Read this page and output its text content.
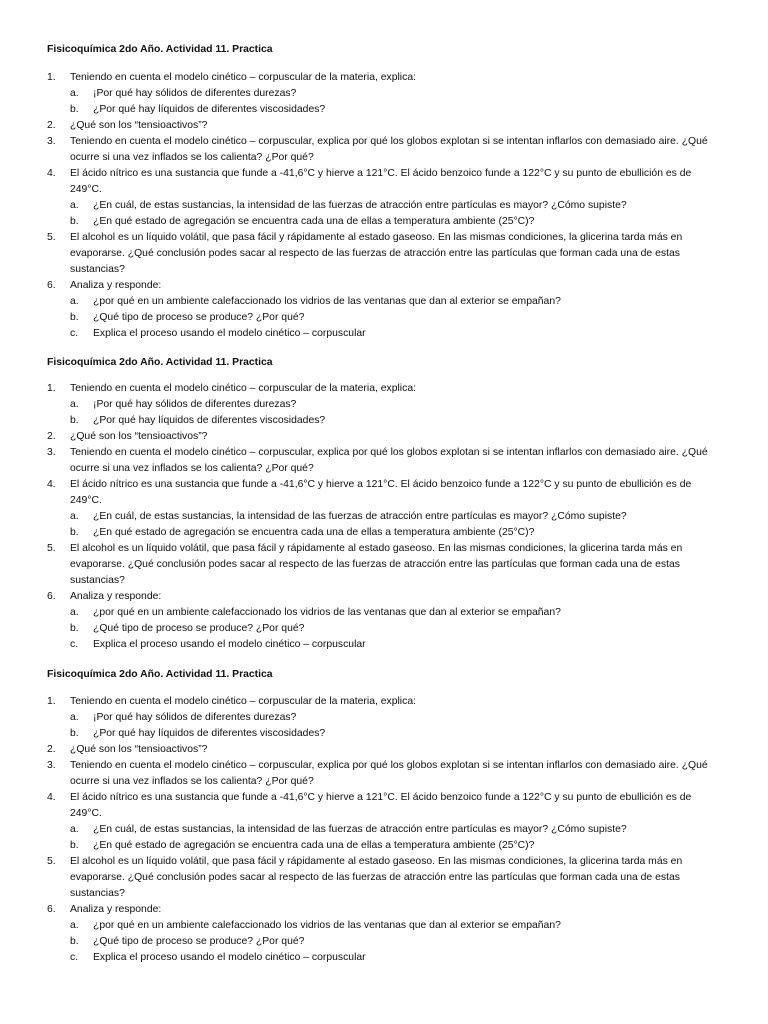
Fisicoquímica 2do Año. Actividad 11. Practica
1. Teniendo en cuenta el modelo cinético – corpuscular de la materia, explica:
a. ¡Por qué hay sólidos de diferentes durezas?
b. ¿Por qué hay líquidos de diferentes viscosidades?
2. ¿Qué son los “tensioactivos”?
3. Teniendo en cuenta el modelo cinético – corpuscular, explica por qué los globos explotan si se intentan inflarlos con demasiado aire. ¿Qué ocurre si una vez inflados se los calienta? ¿Por qué?
4. El ácido nítrico es una sustancia que funde a -41,6°C y hierve a 121°C. El ácido benzoico funde a 122°C y su punto de ebullición es de 249°C.
a. ¿En cuál, de estas sustancias, la intensidad de las fuerzas de atracción entre partículas es mayor? ¿Cómo supiste?
b. ¿En qué estado de agregación se encuentra cada una de ellas a temperatura ambiente (25°C)?
5. El alcohol es un líquido volátil, que pasa fácil y rápidamente al estado gaseoso. En las mismas condiciones, la glicerina tarda más en evaporarse. ¿Qué conclusión podes sacar al respecto de las fuerzas de atracción entre las partículas que forman cada una de estas sustancias?
6. Analiza y responde:
a. ¿por qué en un ambiente calefaccionado los vidrios de las ventanas que dan al exterior se empañan?
b. ¿Qué tipo de proceso se produce? ¿Por qué?
c. Explica el proceso usando el modelo cinético – corpuscular
Fisicoquímica 2do Año. Actividad 11. Practica
1. Teniendo en cuenta el modelo cinético – corpuscular de la materia, explica:
a. ¡Por qué hay sólidos de diferentes durezas?
b. ¿Por qué hay líquidos de diferentes viscosidades?
2. ¿Qué son los “tensioactivos”?
3. Teniendo en cuenta el modelo cinético – corpuscular, explica por qué los globos explotan si se intentan inflarlos con demasiado aire. ¿Qué ocurre si una vez inflados se los calienta? ¿Por qué?
4. El ácido nítrico es una sustancia que funde a -41,6°C y hierve a 121°C. El ácido benzoico funde a 122°C y su punto de ebullición es de 249°C.
a. ¿En cuál, de estas sustancias, la intensidad de las fuerzas de atracción entre partículas es mayor? ¿Cómo supiste?
b. ¿En qué estado de agregación se encuentra cada una de ellas a temperatura ambiente (25°C)?
5. El alcohol es un líquido volátil, que pasa fácil y rápidamente al estado gaseoso. En las mismas condiciones, la glicerina tarda más en evaporarse. ¿Qué conclusión podes sacar al respecto de las fuerzas de atracción entre las partículas que forman cada una de estas sustancias?
6. Analiza y responde:
a. ¿por qué en un ambiente calefaccionado los vidrios de las ventanas que dan al exterior se empañan?
b. ¿Qué tipo de proceso se produce? ¿Por qué?
c. Explica el proceso usando el modelo cinético – corpuscular
Fisicoquímica 2do Año. Actividad 11. Practica
1. Teniendo en cuenta el modelo cinético – corpuscular de la materia, explica:
a. ¡Por qué hay sólidos de diferentes durezas?
b. ¿Por qué hay líquidos de diferentes viscosidades?
2. ¿Qué son los “tensioactivos”?
3. Teniendo en cuenta el modelo cinético – corpuscular, explica por qué los globos explotan si se intentan inflarlos con demasiado aire. ¿Qué ocurre si una vez inflados se los calienta? ¿Por qué?
4. El ácido nítrico es una sustancia que funde a -41,6°C y hierve a 121°C. El ácido benzoico funde a 122°C y su punto de ebullición es de 249°C.
a. ¿En cuál, de estas sustancias, la intensidad de las fuerzas de atracción entre partículas es mayor? ¿Cómo supiste?
b. ¿En qué estado de agregación se encuentra cada una de ellas a temperatura ambiente (25°C)?
5. El alcohol es un líquido volátil, que pasa fácil y rápidamente al estado gaseoso. En las mismas condiciones, la glicerina tarda más en evaporarse. ¿Qué conclusión podes sacar al respecto de las fuerzas de atracción entre las partículas que forman cada una de estas sustancias?
6. Analiza y responde:
a. ¿por qué en un ambiente calefaccionado los vidrios de las ventanas que dan al exterior se empañan?
b. ¿Qué tipo de proceso se produce? ¿Por qué?
c. Explica el proceso usando el modelo cinético – corpuscular
